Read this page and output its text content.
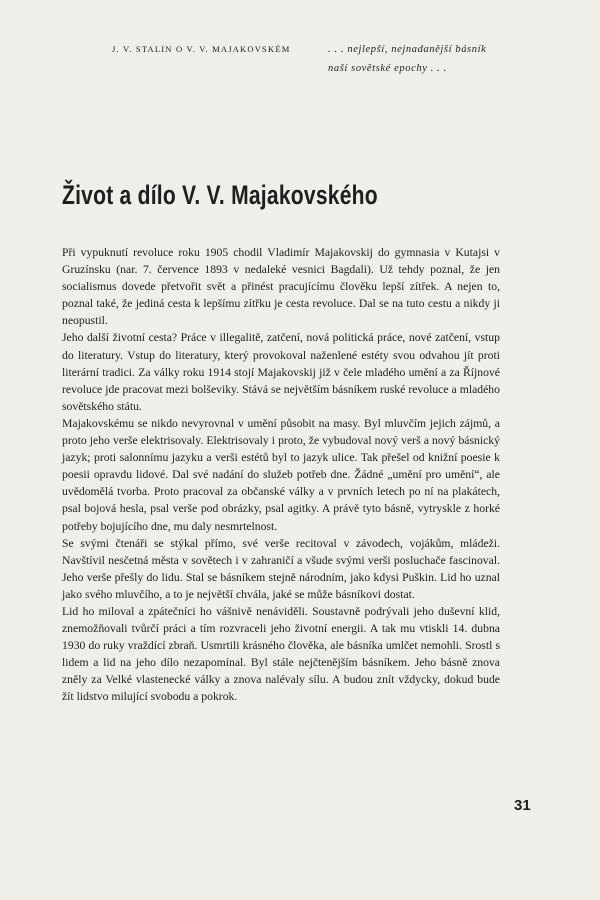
J. V. STALIN O V. V. MAJAKOVSKÉM	. . . nejlepší, nejnadanější básník
naší sovětské epochy . . .
Život a dílo V. V. Majakovského

Při vypuknutí revoluce roku 1905 chodil Vladimír Majakovskij do gymnasia v Kutajsi v Gruzínsku (nar. 7. července 1893 v nedaleké vesnici Bagdali). Už tehdy poznal, že jen socialismus dovede přetvořit svět a přinést pracujícímu člověku lepší zítřek. A nejen to, poznal také, že jediná cesta k lepšímu zítřku je cesta revoluce. Dal se na tuto cestu a nikdy ji neopustil.

Jeho další životní cesta? Práce v illegalitě, zatčení, nová politická práce, nové zatčení, vstup do literatury. Vstup do literatury, který provokoval naženlené estéty svou odvahou jít proti literární tradici. Za války roku 1914 stojí Majakovskij již v čele mladého umění a za Říjnové revoluce jde pracovat mezi bolševiky. Stává se největším básníkem ruské revoluce a mladého sovětského státu.

Majakovskému se nikdo nevyrovnal v umění působit na masy. Byl mluvčím jejich zájmů, a proto jeho verše elektrisovaly. Elektrisovaly i proto, že vybudoval nový verš a nový básnický jazyk; proti salonnímu jazyku a verši estétů byl to jazyk ulice. Tak přešel od knižní poesie k poesii opravdu lidové. Dal své nadání do služeb potřeb dne. Žádné „umění pro umění“, ale uvědomělá tvorba. Proto pracoval za občanské války a v prvních letech po ní na plakátech, psal bojová hesla, psal verše pod obrázky, psal agitky. A právě tyto básně, vytryskle z horké potřeby bojujícího dne, mu daly nesmrtelnost.

Se svými čtenáři se stýkal přímo, své verše recitoval v závodech, vojákům, mládeži. Navštívil nesčetná města v sovětech i v zahraničí a všude svými verši posluchače fascinoval. Jeho verše přešly do lidu. Stal se básníkem stejně národním, jako kdysi Puškin. Lid ho uznal jako svého mluvčího, a to je největší chvála, jaké se může básníkovi dostat.

Lid ho miloval a zpátečníci ho vášnivě nenáviděli. Soustavně podrývali jeho duševní klid, znemožňovali tvůrčí práci a tím rozvraceli jeho životní energii. A tak mu vtiskli 14. dubna 1930 do ruky vraždící zbraň. Usmrtili krásného člověka, ale básníka umlčet nemohli. Srostl s lidem a lid na jeho dílo nezapomínal. Byl stále nejčtenějším básníkem. Jeho básně znova zněly za Velké vlastenecké války a znova nalévaly sílu. A budou znít vždycky, dokud bude žít lidstvo milující svobodu a pokrok.

31
